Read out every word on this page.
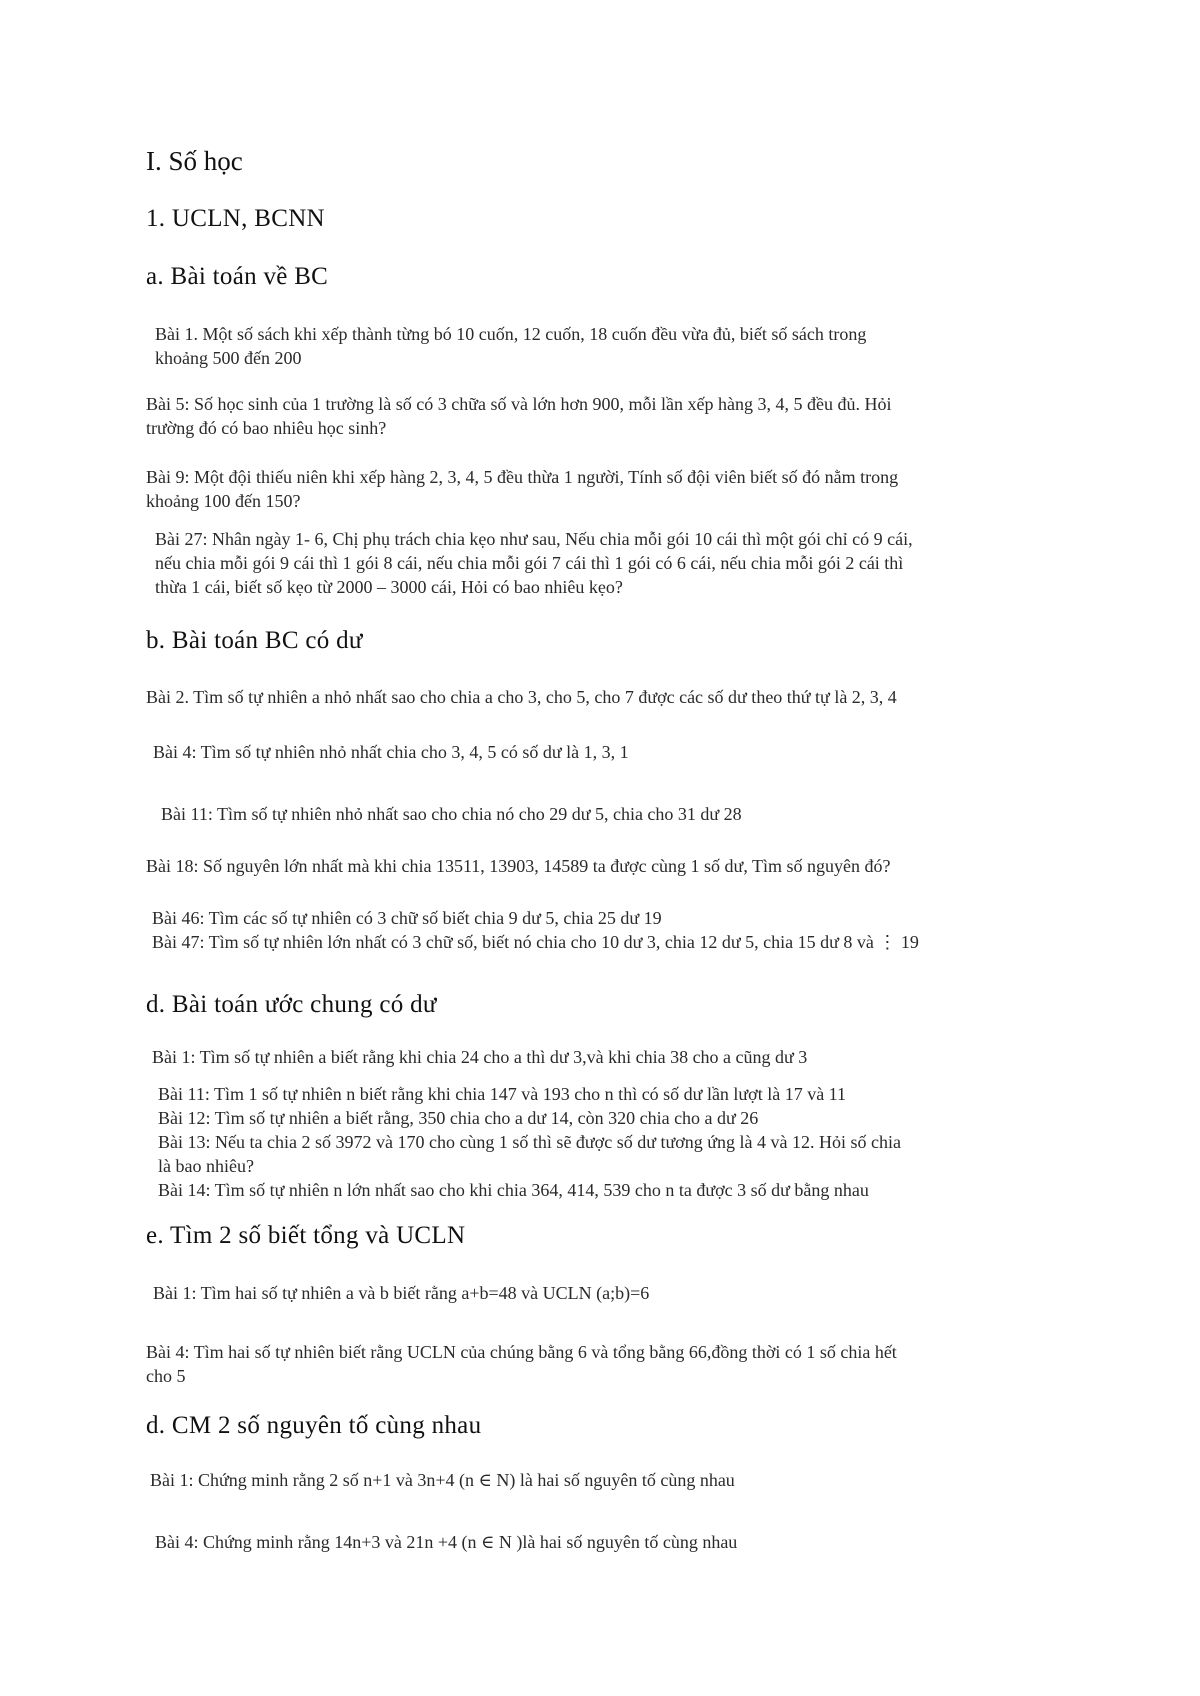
I. Số học
1. UCLN, BCNN
a. Bài toán về BC
Bài 1. Một số sách khi xếp thành từng bó 10 cuốn, 12 cuốn, 18 cuốn đều vừa đủ, biết số sách trong
khoảng 500 đến 200
Bài 5: Số học sinh của 1 trường là số có 3 chữa số và lớn hơn 900, mỗi lần xếp hàng 3, 4, 5 đều đủ. Hỏi
trường đó có bao nhiêu học sinh?
Bài 9: Một đội thiếu niên khi xếp hàng 2, 3, 4, 5 đều thừa 1 người, Tính số đội viên biết số đó nằm trong
khoảng 100 đến 150?
Bài 27: Nhân ngày 1- 6, Chị phụ trách chia kẹo như sau, Nếu chia mỗi gói 10 cái thì một gói chỉ có 9 cái,
nếu chia mỗi gói 9 cái thì 1 gói 8 cái, nếu chia mỗi gói 7 cái thì 1 gói có 6 cái, nếu chia mỗi gói 2 cái thì
thừa 1 cái, biết số kẹo từ 2000 – 3000 cái, Hỏi có bao nhiêu kẹo?
b. Bài toán BC có dư
Bài 2. Tìm số tự nhiên a nhỏ nhất sao cho chia a cho 3, cho 5, cho 7 được các số dư theo thứ tự là 2, 3, 4
Bài 4: Tìm số tự nhiên nhỏ nhất chia cho 3, 4, 5 có số dư là 1, 3, 1
Bài 11: Tìm số tự nhiên nhỏ nhất sao cho chia nó cho 29 dư 5, chia cho 31 dư 28
Bài 18: Số nguyên lớn nhất mà khi chia 13511, 13903, 14589 ta được cùng 1 số dư, Tìm số nguyên đó?
Bài 46: Tìm các số tự nhiên có 3 chữ số biết chia 9 dư 5, chia 25 dư 19
Bài 47: Tìm số tự nhiên lớn nhất có 3 chữ số, biết nó chia cho 10 dư 3, chia 12 dư 5, chia 15 dư 8 và ⋮ 19
d. Bài toán ước chung có dư
Bài 1: Tìm số tự nhiên a biết rằng khi chia 24 cho a thì dư 3,và khi chia 38 cho a cũng dư 3
Bài 11: Tìm 1 số tự nhiên n biết rằng khi chia 147 và 193 cho n thì có số dư lần lượt là 17 và 11
Bài 12: Tìm số tự nhiên a biết rằng, 350 chia cho a dư 14, còn 320 chia cho a dư 26
Bài 13: Nếu ta chia 2 số 3972 và 170 cho cùng 1 số thì sẽ được số dư tương ứng là 4 và 12. Hỏi số chia
là bao nhiêu?
Bài 14: Tìm số tự nhiên n lớn nhất sao cho khi chia 364, 414, 539 cho n ta được 3 số dư bằng nhau
e. Tìm 2 số biết tổng và UCLN
Bài 1: Tìm hai số tự nhiên a và b biết rằng a+b=48 và UCLN (a;b)=6
Bài 4: Tìm hai số tự nhiên biết rằng UCLN của chúng bằng 6 và tổng bằng 66,đồng thời có 1 số chia hết
cho 5
d. CM 2 số nguyên tố cùng nhau
Bài 1: Chứng minh rằng 2 số n+1 và 3n+4 (n ∈ N) là hai số nguyên tố cùng nhau
Bài 4: Chứng minh rằng 14n+3 và 21n +4 (n ∈ N )là hai số nguyên tố cùng nhau
